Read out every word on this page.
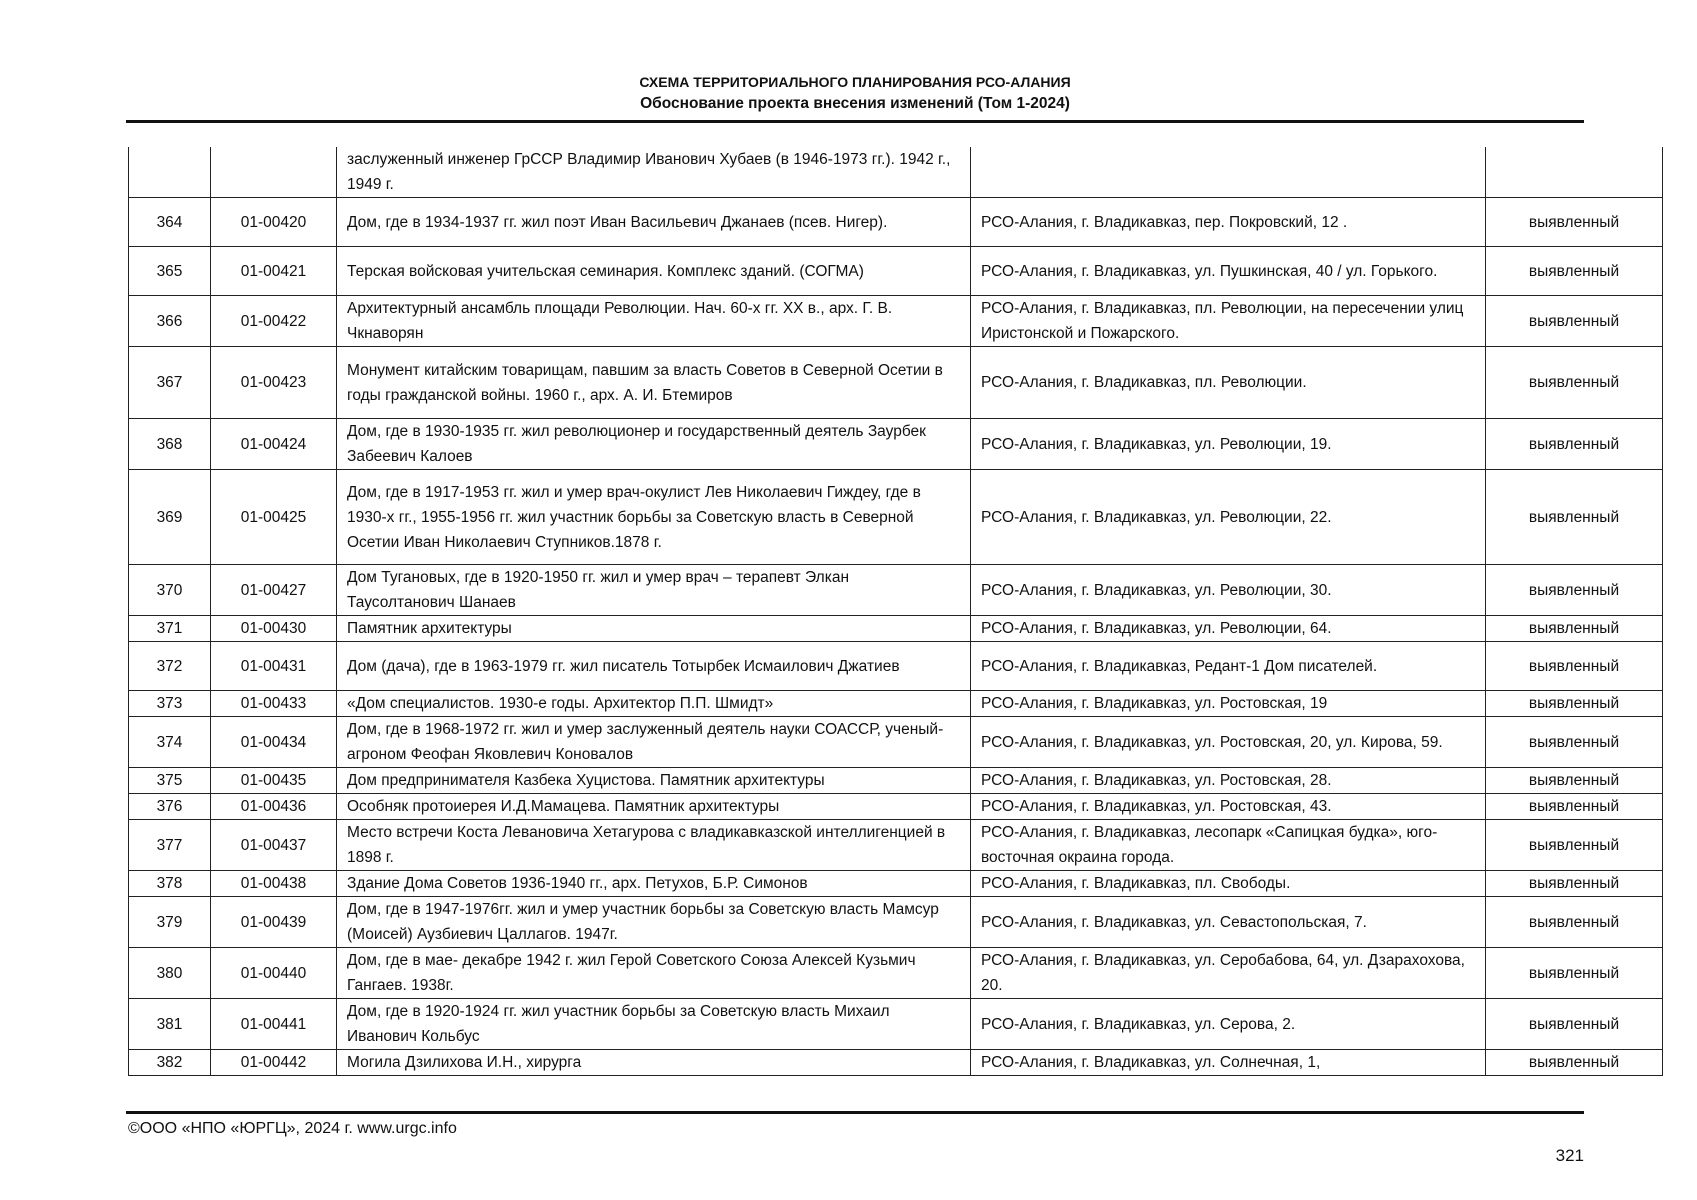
СХЕМА ТЕРРИТОРИАЛЬНОГО ПЛАНИРОВАНИЯ РСО-АЛАНИЯ
Обоснование проекта внесения изменений (Том 1-2024)
		заслуженный инженер ГрССР Владимир Иванович Хубаев (в 1946-1973 гг.). 1942 г., 1949 г.		
364	01-00420	Дом, где в 1934-1937 гг. жил поэт Иван Васильевич Джанаев (псев. Нигер).	РСО-Алания, г. Владикавказ, пер. Покровский, 12 .	выявленный
365	01-00421	Терская войсковая учительская семинария. Комплекс зданий. (СОГМА)	РСО-Алания, г. Владикавказ, ул. Пушкинская, 40 / ул. Горького.	выявленный
366	01-00422	Архитектурный ансамбль площади Революции. Нач. 60-х гг. XX в., арх. Г. В. Чкнаворян	РСО-Алания, г. Владикавказ, пл. Революции, на пересечении улиц Иристонской и Пожарского.	выявленный
367	01-00423	Монумент китайским товарищам, павшим за власть Советов в Северной Осетии в годы гражданской войны. 1960 г., арх. А. И. Бтемиров	РСО-Алания, г. Владикавказ, пл. Революции.	выявленный
368	01-00424	Дом, где в 1930-1935 гг. жил революционер и государственный деятель Заурбек Забеевич Калоев	РСО-Алания, г. Владикавказ, ул. Революции, 19.	выявленный
369	01-00425	Дом, где в 1917-1953 гг. жил и умер врач-окулист Лев Николаевич Гиждеу, где в 1930-х гг., 1955-1956 гг. жил участник борьбы за Советскую власть в Северной Осетии Иван Николаевич Ступников.1878 г.	РСО-Алания, г. Владикавказ, ул. Революции, 22.	выявленный
370	01-00427	Дом Тугановых, где в 1920-1950 гг. жил и умер врач – терапевт Элкан Таусолтанович Шанаев	РСО-Алания, г. Владикавказ, ул. Революции, 30.	выявленный
371	01-00430	Памятник архитектуры	РСО-Алания, г. Владикавказ, ул. Революции, 64.	выявленный
372	01-00431	Дом (дача), где в 1963-1979 гг. жил писатель Тотырбек Исмаилович Джатиев	РСО-Алания, г. Владикавказ, Редант-1 Дом писателей.	выявленный
373	01-00433	«Дом специалистов. 1930-е годы. Архитектор П.П. Шмидт»	РСО-Алания, г. Владикавказ, ул. Ростовская, 19	выявленный
374	01-00434	Дом, где в 1968-1972 гг. жил и умер заслуженный деятель науки СОАССР, ученый-агроном Феофан Яковлевич Коновалов	РСО-Алания, г. Владикавказ, ул. Ростовская, 20, ул. Кирова, 59.	выявленный
375	01-00435	Дом предпринимателя Казбека Хуцистова. Памятник архитектуры	РСО-Алания, г. Владикавказ, ул. Ростовская, 28.	выявленный
376	01-00436	Особняк протоиерея И.Д.Мамацева. Памятник архитектуры	РСО-Алания, г. Владикавказ, ул. Ростовская, 43.	выявленный
377	01-00437	Место встречи Коста Левановича Хетагурова с владикавказской интеллигенцией в 1898 г.	РСО-Алания, г. Владикавказ, лесопарк «Сапицкая будка», юго-восточная окраина города.	выявленный
378	01-00438	Здание Дома Советов 1936-1940 гг., арх. Петухов, Б.Р. Симонов	РСО-Алания, г. Владикавказ, пл. Свободы.	выявленный
379	01-00439	Дом, где в 1947-1976гг. жил и умер участник борьбы за Советскую власть Мамсур (Моисей) Аузбиевич Цаллагов. 1947г.	РСО-Алания, г. Владикавказ, ул. Севастопольская, 7.	выявленный
380	01-00440	Дом, где в мае- декабре 1942 г. жил Герой Советского Союза Алексей Кузьмич Гангаев. 1938г.	РСО-Алания, г. Владикавказ, ул. Серобабова, 64, ул. Дзарахохова, 20.	выявленный
381	01-00441	Дом, где в 1920-1924 гг. жил участник борьбы за Советскую власть Михаил Иванович Кольбус	РСО-Алания, г. Владикавказ, ул. Серова, 2.	выявленный
382	01-00442	Могила Дзилихова И.Н., хирурга	РСО-Алания, г. Владикавказ, ул. Солнечная, 1,	выявленный
©ООО «НПО «ЮРГЦ», 2024 г. www.urgc.info
321
